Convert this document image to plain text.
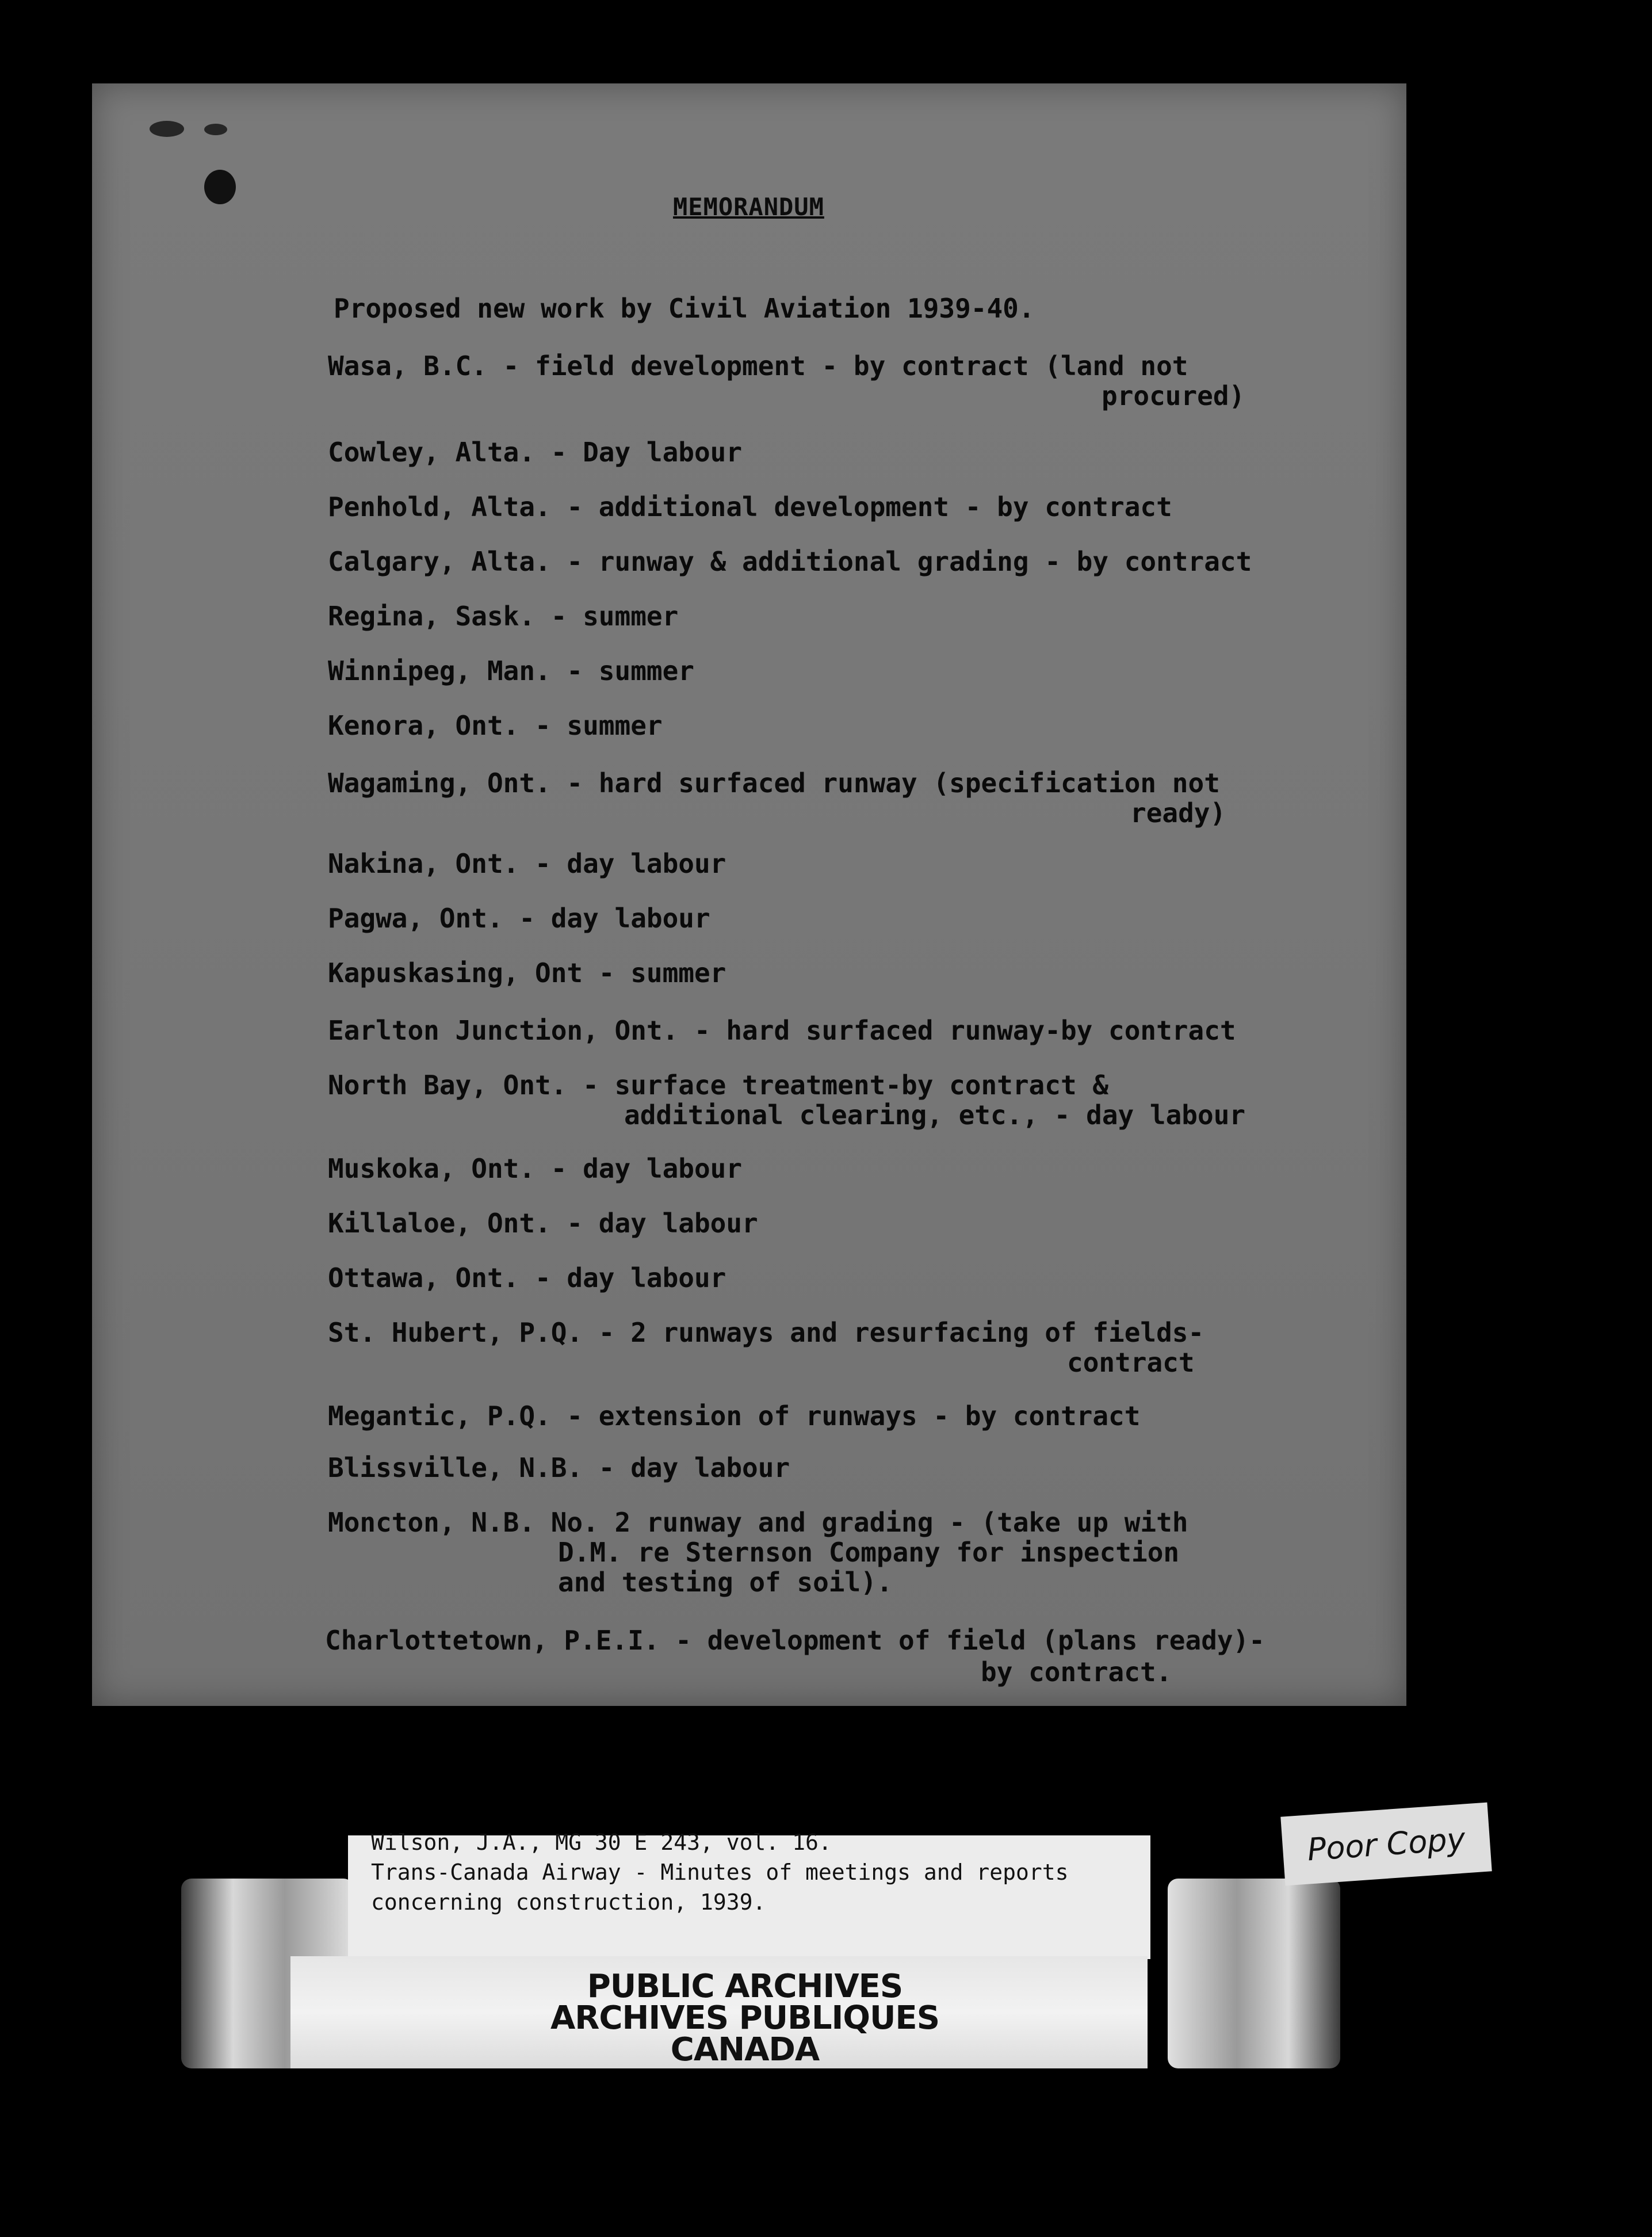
MEMORANDUM
Proposed new work by Civil Aviation 1939-40.
Wasa, B.C. - field development - by contract (land not
procured)
Cowley, Alta. - Day labour
Penhold, Alta. - additional development - by contract
Calgary, Alta. - runway & additional grading - by contract
Regina, Sask. - summer
Winnipeg, Man. - summer
Kenora, Ont. - summer
Wagaming, Ont. - hard surfaced runway (specification not
ready)
Nakina, Ont. - day labour
Pagwa, Ont. - day labour
Kapuskasing, Ont - summer
Earlton Junction, Ont. - hard surfaced runway-by contract
North Bay, Ont. - surface treatment-by contract &
additional clearing, etc., - day labour
Muskoka, Ont. - day labour
Killaloe, Ont. - day labour
Ottawa, Ont. - day labour
St. Hubert, P.Q. - 2 runways and resurfacing of fields-
contract
Megantic, P.Q. - extension of runways - by contract
Blissville, N.B. - day labour
Moncton, N.B. No. 2 runway and grading - (take up with
D.M. re Sternson Company for inspection
and testing of soil).
Charlottetown, P.E.I. - development of field (plans ready)-
by contract.
Wilson, J.A., MG 30 E 243, vol. 16.
Trans-Canada Airway - Minutes of meetings and reports
concerning construction, 1939.
PUBLIC ARCHIVES
ARCHIVES PUBLIQUES
CANADA
Poor Copy
